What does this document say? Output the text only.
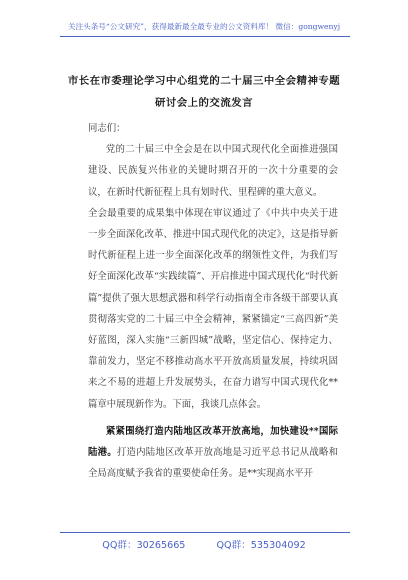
关注头条号“公文研究”，获得最新最全最专业的公文资料库！ 微信：gongwenyj
市长在市委理论学习中心组党的二十届三中全会精神专题
研讨会上的交流发言

同志们：

党的二十届三中全会是在以中国式现代化全面推进强国建设、民族复兴伟业的关键时期召开的一次十分重要的会议，在新时代新征程上具有划时代、里程碑的重大意义。

全会最重要的成果集中体现在审议通过了《中共中央关于进一步全面深化改革、推进中国式现代化的决定》，这是指导新时代新征程上进一步全面深化改革的纲领性文件，为我们写好全面深化改革“实践续篇”、开启推进中国式现代化“时代新篇”提供了强大思想武器和科学行动指南全市各级干部要认真贯彻落实党的二十届三中全会精神，紧紧锚定“三高四新”美好蓝图，深入实施“三新四城”战略，坚定信心、保持定力、靠前发力，坚定不移推动高水平开放高质量发展，持续巩固来之不易的进超上升发展势头，在奋力谱写中国式现代化**篇章中展现新作为。下面，我谈几点体会。

紧紧围绕打造内陆地区改革开放高地，加快建设**国际陆港。打造内陆地区改革开放高地是习近平总书记从战略和全局高度赋予我省的重要使命任务。是**实现高水平开

QQ群：30265665	QQ群：535304092
